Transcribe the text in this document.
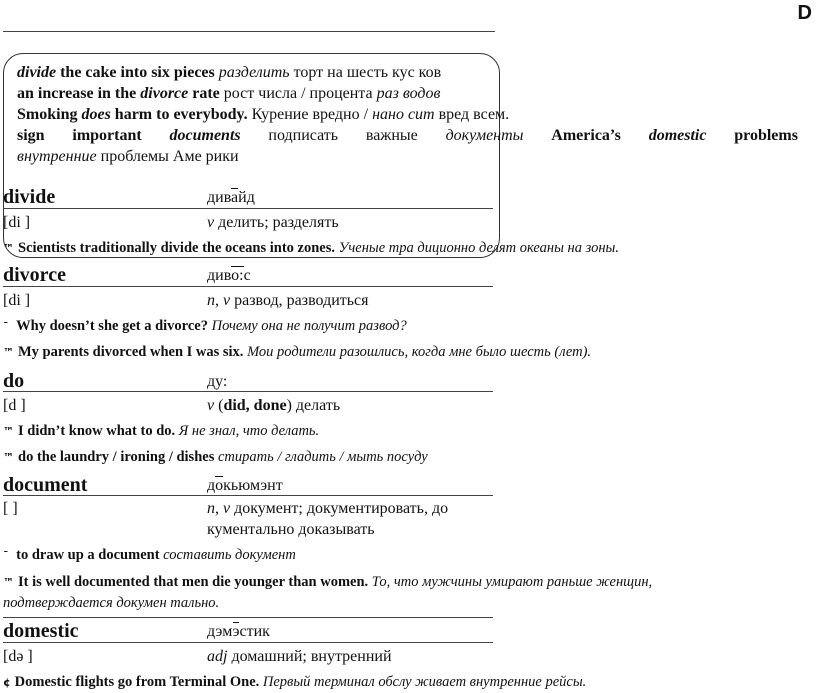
D
divide the cake into six pieces разделить торт на шесть кус ков
an increase in the divorce rate рост числа / процента раз водов
Smoking does harm to everybody. Курение вредно / нано сит вред всем.
sign important documents подписать важные документы America’s domestic problems
внутренние проблемы Аме рики
divide	дивайд
[di ]	v делить; разделять
™ Scientists traditionally divide the oceans into zones. Ученые тра диционно делят океаны на зоны.
divorce	диво:с
[di ]	n, v развод, разводиться
ˉ Why doesn’t she get a divorce? Почему она не получит развод?
™ My parents divorced when I was six. Мои родители разошлись, когда мне было шесть (лет).
do	ду:
[d ]	v (did, done) делать
™ I didn’t know what to do. Я не знал, что делать.
™ do the laundry / ironing / dishes стирать / гладить / мыть посуду
document	докьюмэнт
[ ]	n, v документ; документировать, до
кументально доказывать
ˉ to draw up a document составить документ
™ It is well documented that men die younger than women. То, что мужчины умирают раньше женщин,
подтверждается докумен тально.
domestic	дэмэстик
[də ]	adj домашний; внутренний
¢ Domestic flights go from Terminal One. Первый терминал обслу живает внутренние рейсы.
